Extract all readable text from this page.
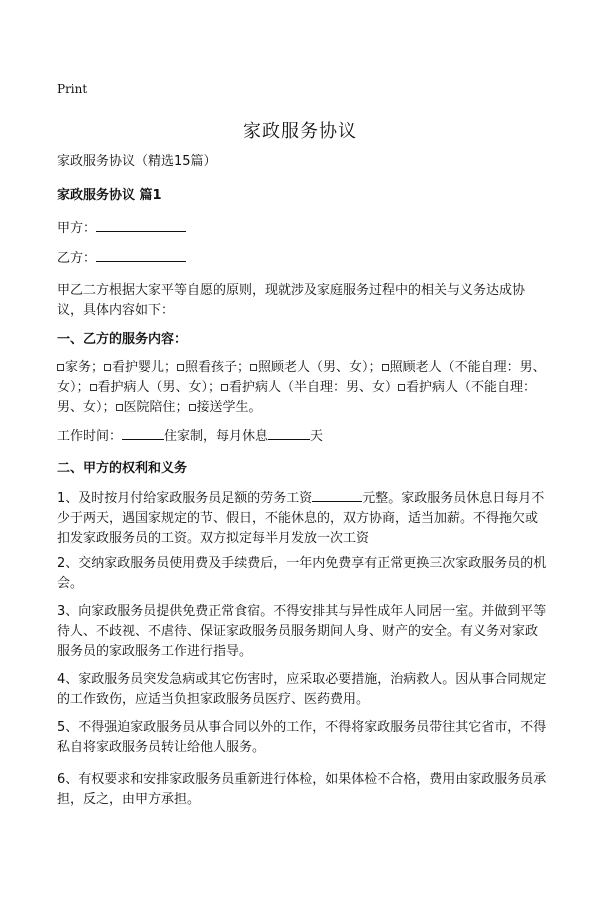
Print
家政服务协议

家政服务协议（精选15篇）

家政服务协议 篇1

甲方：

乙方：

甲乙二方根据大家平等自愿的原则，现就涉及家庭服务过程中的相关与义务达成协议，具体内容如下：

一、乙方的服务内容：

家务； 看护婴儿； 照看孩子； 照顾老人（男、女）； 照顾老人（不能自理：男、女）； 看护病人（男、女）； 看护病人（半自理：男、女） 看护病人（不能自理：男、女）； 医院陪住； 接送学生。

工作时间：	住家制，每月休息	天

二、甲方的权利和义务

1、及时按月付给家政服务员足额的劳务工资	元整。家政服务员休息日每月不少于两天，遇国家规定的节、假日，不能休息的，双方协商，适当加薪。不得拖欠或扣发家政服务员的工资。双方拟定每半月发放一次工资

2、交纳家政服务员使用费及手续费后，一年内免费享有正常更换三次家政服务员的机会。

3、向家政服务员提供免费正常食宿。不得安排其与异性成年人同居一室。并做到平等待人、不歧视、不虐待、保证家政服务员服务期间人身、财产的安全。有义务对家政服务员的家政服务工作进行指导。

4、家政服务员突发急病或其它伤害时，应采取必要措施，治病救人。因从事合同规定的工作致伤，应适当负担家政服务员医疗、医药费用。

5、不得强迫家政服务员从事合同以外的工作，不得将家政服务员带往其它省市，不得私自将家政服务员转让给他人服务。

6、有权要求和安排家政服务员重新进行体检，如果体检不合格，费用由家政服务员承担，反之，由甲方承担。
